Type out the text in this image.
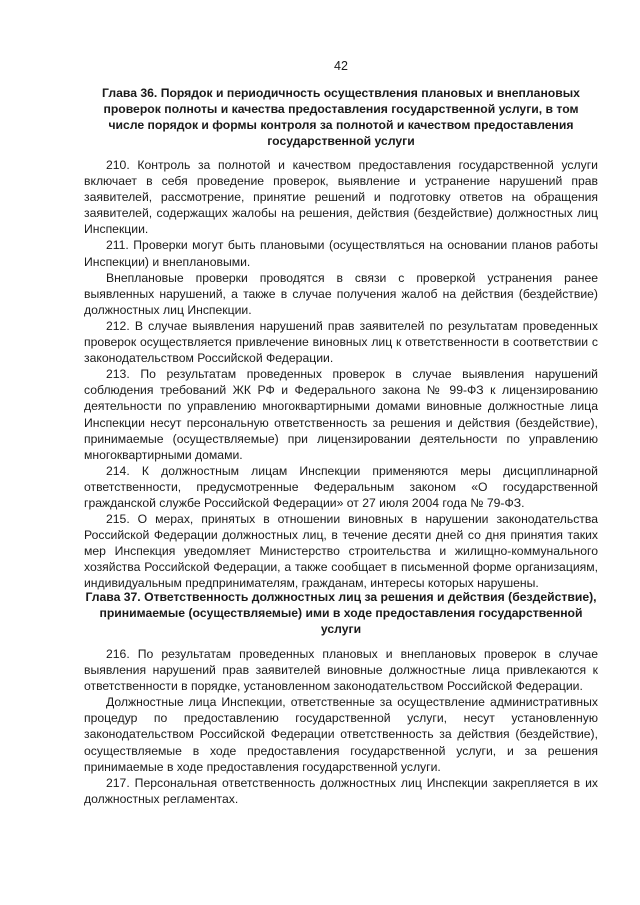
42
Глава 36. Порядок и периодичность осуществления плановых и внеплановых проверок полноты и качества предоставления государственной услуги, в том числе порядок и формы контроля за полнотой и качеством предоставления государственной услуги

210. Контроль за полнотой и качеством предоставления государственной услуги включает в себя проведение проверок, выявление и устранение нарушений прав заявителей, рассмотрение, принятие решений и подготовку ответов на обращения заявителей, содержащих жалобы на решения, действия (бездействие) должностных лиц Инспекции.

211. Проверки могут быть плановыми (осуществляться на основании планов работы Инспекции) и внеплановыми.

Внеплановые проверки проводятся в связи с проверкой устранения ранее выявленных нарушений, а также в случае получения жалоб на действия (бездействие) должностных лиц Инспекции.

212. В случае выявления нарушений прав заявителей по результатам проведенных проверок осуществляется привлечение виновных лиц к ответственности в соответствии с законодательством Российской Федерации.

213. По результатам проведенных проверок в случае выявления нарушений соблюдения требований ЖК РФ и Федерального закона № 99-ФЗ к лицензированию деятельности по управлению многоквартирными домами виновные должностные лица Инспекции несут персональную ответственность за решения и действия (бездействие), принимаемые (осуществляемые) при лицензировании деятельности по управлению многоквартирными домами.

214. К должностным лицам Инспекции применяются меры дисциплинарной ответственности, предусмотренные Федеральным законом «О государственной гражданской службе Российской Федерации» от 27 июля 2004 года № 79-ФЗ.

215. О мерах, принятых в отношении виновных в нарушении законодательства Российской Федерации должностных лиц, в течение десяти дней со дня принятия таких мер Инспекция уведомляет Министерство строительства и жилищно-коммунального хозяйства Российской Федерации, а также сообщает в письменной форме организациям, индивидуальным предпринимателям, гражданам, интересы которых нарушены.

Глава 37. Ответственность должностных лиц за решения и действия (бездействие), принимаемые (осуществляемые) ими в ходе предоставления государственной услуги

216. По результатам проведенных плановых и внеплановых проверок в случае выявления нарушений прав заявителей виновные должностные лица привлекаются к ответственности в порядке, установленном законодательством Российской Федерации.

Должностные лица Инспекции, ответственные за осуществление административных процедур по предоставлению государственной услуги, несут установленную законодательством Российской Федерации ответственность за действия (бездействие), осуществляемые в ходе предоставления государственной услуги, и за решения принимаемые в ходе предоставления государственной услуги.

217. Персональная ответственность должностных лиц Инспекции закрепляется в их должностных регламентах.
